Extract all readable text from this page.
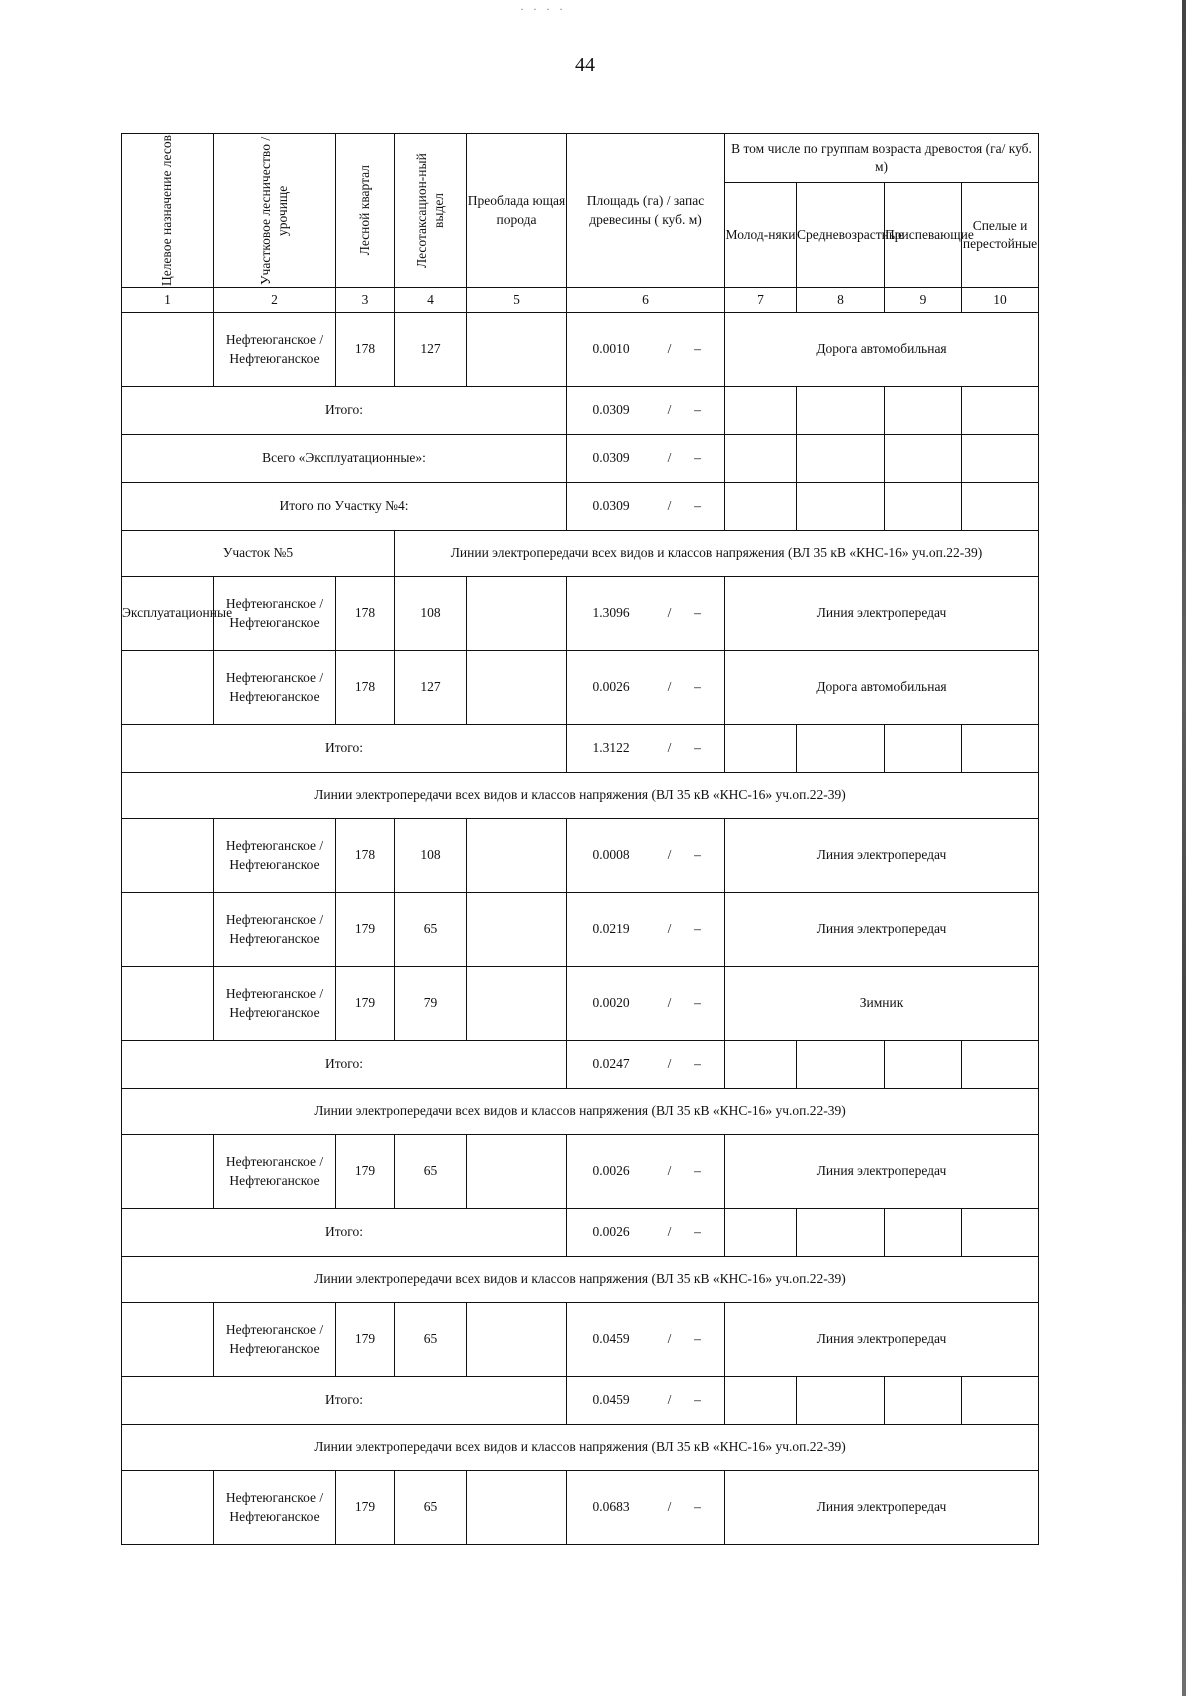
· · · ·
44
Целевое назначение лесов	Участковое лесничество / урочище	Лесной квартал	Лесотаксацион-ный выдел	Преоблада ющая порода	Площадь (га) / запас древесины ( куб. м)	В том числе по группам возраста древостоя (га/ куб. м)			
						Молод-няки	Средневозрастные	Приспевающие	Спелые и перестойные
1	2	3	4	5	6	7	8	9	10
	Нефтеюганское / Нефтеюганское	178	127		0.0010 / –	Дорога автомобильная			
Итого:					0.0309 / –				

Всего «Эксплуатационные»:					0.0309 / –				

Итого по Участку №4:					0.0309 / –				

Участок №5			Линии электропередачи всех видов и классов напряжения (ВЛ 35 кВ «КНС-16» уч.оп.22-39)						
Эксплуатационные	Нефтеюганское / Нефтеюганское	178	108		1.3096 / –	Линия электропередач			
	Нефтеюганское / Нефтеюганское	178	127		0.0026 / –	Дорога автомобильная			
Итого:					1.3122 / –				

Линии электропередачи всех видов и классов напряжения (ВЛ 35 кВ «КНС-16» уч.оп.22-39)									
	Нефтеюганское / Нефтеюганское	178	108		0.0008 / –	Линия электропередач			
	Нефтеюганское / Нефтеюганское	179	65		0.0219 / –	Линия электропередач			
	Нефтеюганское / Нефтеюганское	179	79		0.0020 / –	Зимник			
Итого:					0.0247 / –				

Линии электропередачи всех видов и классов напряжения (ВЛ 35 кВ «КНС-16» уч.оп.22-39)									
	Нефтеюганское / Нефтеюганское	179	65		0.0026 / –	Линия электропередач			
Итого:					0.0026 / –				

Линии электропередачи всех видов и классов напряжения (ВЛ 35 кВ «КНС-16» уч.оп.22-39)									
	Нефтеюганское / Нефтеюганское	179	65		0.0459 / –	Линия электропередач			
Итого:					0.0459 / –				

Линии электропередачи всех видов и классов напряжения (ВЛ 35 кВ «КНС-16» уч.оп.22-39)									
	Нефтеюганское / Нефтеюганское	179	65		0.0683 / –	Линия электропередач			
